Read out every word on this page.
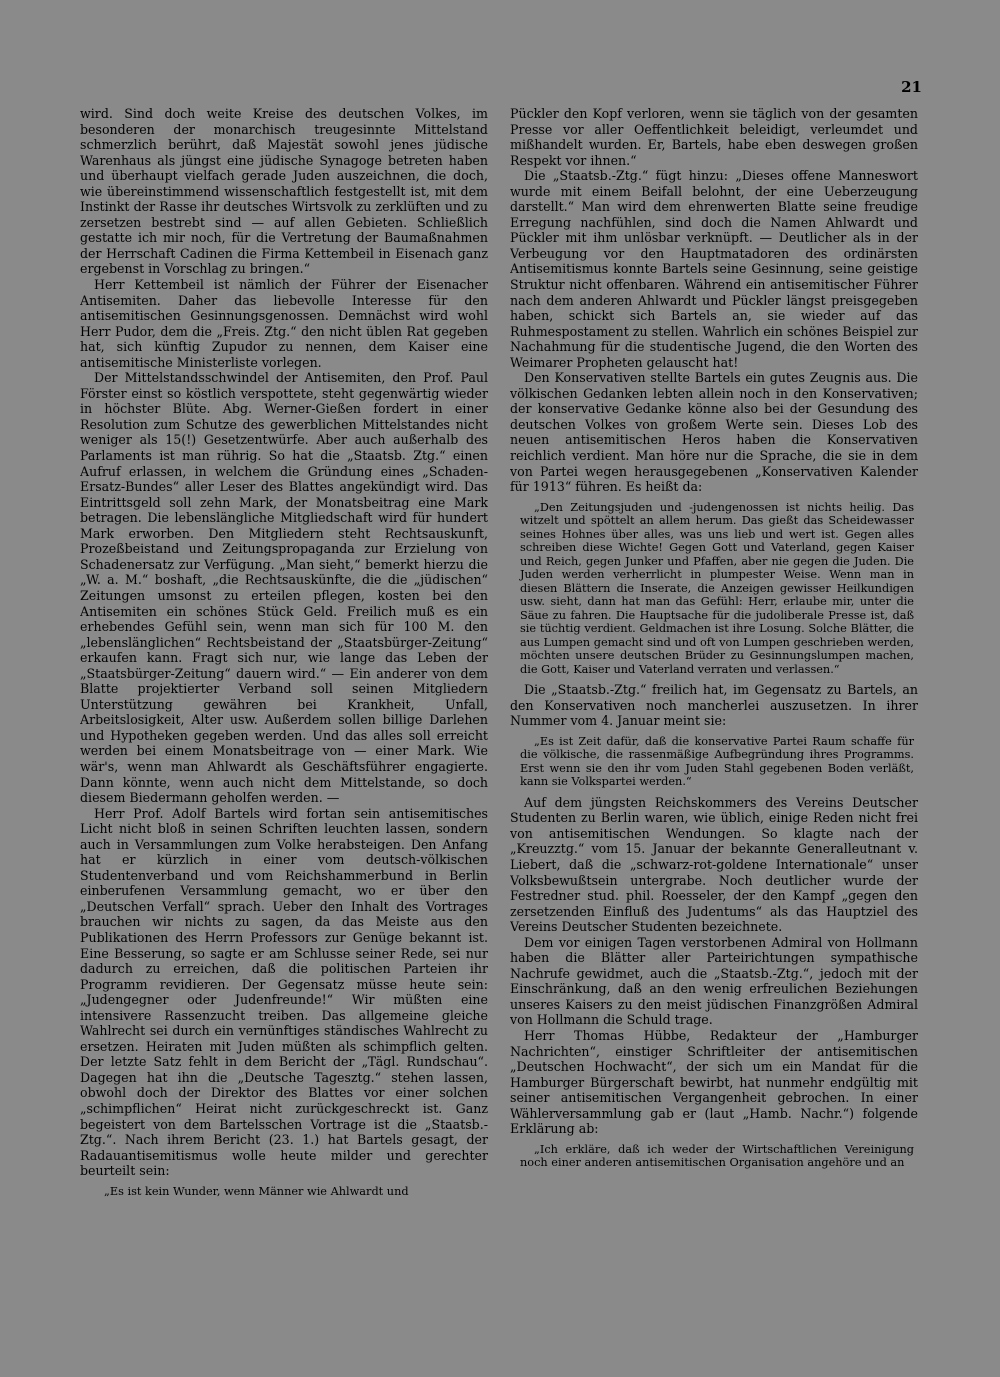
21

wird. Sind doch weite Kreise des deutschen Volkes, im besonderen der monarchisch treugesinnte Mittelstand schmerzlich berührt, daß Majestät sowohl jenes jüdische Warenhaus als jüngst eine jüdische Synagoge betreten haben und überhaupt vielfach gerade Juden auszeichnen, die doch, wie übereinstimmend wissenschaftlich festgestellt ist, mit dem Instinkt der Rasse ihr deutsches Wirtsvolk zu zerklüften und zu zersetzen bestrebt sind — auf allen Gebieten. Schließlich gestatte ich mir noch, für die Vertretung der Baumaßnahmen der Herrschaft Cadinen die Firma Kettembeil in Eisenach ganz ergebenst in Vorschlag zu bringen.“

Herr Kettembeil ist nämlich der Führer der Eisenacher Antisemiten. Daher das liebevolle Interesse für den antisemitischen Gesinnungsgenossen. Demnächst wird wohl Herr Pudor, dem die „Freis. Ztg.“ den nicht üblen Rat gegeben hat, sich künftig Zupudor zu nennen, dem Kaiser eine antisemitische Ministerliste vorlegen.

Der Mittelstandsschwindel der Antisemiten, den Prof. Paul Förster einst so köstlich verspottete, steht gegenwärtig wieder in höchster Blüte. Abg. Werner-Gießen fordert in einer Resolution zum Schutze des gewerblichen Mittelstandes nicht weniger als 15(!) Gesetzentwürfe. Aber auch außerhalb des Parlaments ist man rührig. So hat die „Staatsb. Ztg.“ einen Aufruf erlassen, in welchem die Gründung eines „Schaden-Ersatz-Bundes“ aller Leser des Blattes angekündigt wird. Das Eintrittsgeld soll zehn Mark, der Monatsbeitrag eine Mark betragen. Die lebenslängliche Mitgliedschaft wird für hundert Mark erworben. Den Mitgliedern steht Rechtsauskunft, Prozeßbeistand und Zeitungspropaganda zur Erzielung von Schadenersatz zur Verfügung. „Man sieht,“ bemerkt hierzu die „W. a. M.“ boshaft, „die Rechtsauskünfte, die die „jüdischen“ Zeitungen umsonst zu erteilen pflegen, kosten bei den Antisemiten ein schönes Stück Geld. Freilich muß es ein erhebendes Gefühl sein, wenn man sich für 100 M. den „lebenslänglichen“ Rechtsbeistand der „Staatsbürger-Zeitung“ erkaufen kann. Fragt sich nur, wie lange das Leben der „Staatsbürger-Zeitung“ dauern wird.“ — Ein anderer von dem Blatte projektierter Verband soll seinen Mitgliedern Unterstützung gewähren bei Krankheit, Unfall, Arbeitslosigkeit, Alter usw. Außerdem sollen billige Darlehen und Hypotheken gegeben werden. Und das alles soll erreicht werden bei einem Monatsbeitrage von — einer Mark. Wie wär's, wenn man Ahlwardt als Geschäftsführer engagierte. Dann könnte, wenn auch nicht dem Mittelstande, so doch diesem Biedermann geholfen werden. —

Herr Prof. Adolf Bartels wird fortan sein antisemitisches Licht nicht bloß in seinen Schriften leuchten lassen, sondern auch in Versammlungen zum Volke herabsteigen. Den Anfang hat er kürzlich in einer vom deutsch-völkischen Studentenverband und vom Reichshammerbund in Berlin einberufenen Versammlung gemacht, wo er über den „Deutschen Verfall“ sprach. Ueber den Inhalt des Vortrages brauchen wir nichts zu sagen, da das Meiste aus den Publikationen des Herrn Professors zur Genüge bekannt ist. Eine Besserung, so sagte er am Schlusse seiner Rede, sei nur dadurch zu erreichen, daß die politischen Parteien ihr Programm revidieren. Der Gegensatz müsse heute sein: „Judengegner oder Judenfreunde!“ Wir müßten eine intensivere Rassenzucht treiben. Das allgemeine gleiche Wahlrecht sei durch ein vernünftiges ständisches Wahlrecht zu ersetzen. Heiraten mit Juden müßten als schimpflich gelten. Der letzte Satz fehlt in dem Bericht der „Tägl. Rundschau“. Dagegen hat ihn die „Deutsche Tagesztg.“ stehen lassen, obwohl doch der Direktor des Blattes vor einer solchen „schimpflichen“ Heirat nicht zurückgeschreckt ist. Ganz begeistert von dem Bartelsschen Vortrage ist die „Staatsb.-Ztg.“. Nach ihrem Bericht (23. 1.) hat Bartels gesagt, der Radauantisemitismus wolle heute milder und gerechter beurteilt sein:

„Es ist kein Wunder, wenn Männer wie Ahlwardt und

Pückler den Kopf verloren, wenn sie täglich von der gesamten Presse vor aller Oeffentlichkeit beleidigt, verleumdet und mißhandelt wurden. Er, Bartels, habe eben deswegen großen Respekt vor ihnen.“

Die „Staatsb.-Ztg.“ fügt hinzu: „Dieses offene Manneswort wurde mit einem Beifall belohnt, der eine Ueberzeugung darstellt.“ Man wird dem ehrenwerten Blatte seine freudige Erregung nachfühlen, sind doch die Namen Ahlwardt und Pückler mit ihm unlösbar verknüpft. — Deutlicher als in der Verbeugung vor den Hauptmatadoren des ordinärsten Antisemitismus konnte Bartels seine Gesinnung, seine geistige Struktur nicht offenbaren. Während ein antisemitischer Führer nach dem anderen Ahlwardt und Pückler längst preisgegeben haben, schickt sich Bartels an, sie wieder auf das Ruhmespostament zu stellen. Wahrlich ein schönes Beispiel zur Nachahmung für die studentische Jugend, die den Worten des Weimarer Propheten gelauscht hat!

Den Konservativen stellte Bartels ein gutes Zeugnis aus. Die völkischen Gedanken lebten allein noch in den Konservativen; der konservative Gedanke könne also bei der Gesundung des deutschen Volkes von großem Werte sein. Dieses Lob des neuen antisemitischen Heros haben die Konservativen reichlich verdient. Man höre nur die Sprache, die sie in dem von Partei wegen herausgegebenen „Konservativen Kalender für 1913“ führen. Es heißt da:

„Den Zeitungsjuden und -judengenossen ist nichts heilig. Das witzelt und spöttelt an allem herum. Das gießt das Scheidewasser seines Hohnes über alles, was uns lieb und wert ist. Gegen alles schreiben diese Wichte! Gegen Gott und Vaterland, gegen Kaiser und Reich, gegen Junker und Pfaffen, aber nie gegen die Juden. Die Juden werden verherrlicht in plumpester Weise. Wenn man in diesen Blättern die Inserate, die Anzeigen gewisser Heilkundigen usw. sieht, dann hat man das Gefühl: Herr, erlaube mir, unter die Säue zu fahren. Die Hauptsache für die judoliberale Presse ist, daß sie tüchtig verdient. Geldmachen ist ihre Losung. Solche Blätter, die aus Lumpen gemacht sind und oft von Lumpen geschrieben werden, möchten unsere deutschen Brüder zu Gesinnungslumpen machen, die Gott, Kaiser und Vaterland verraten und verlassen.“

Die „Staatsb.-Ztg.“ freilich hat, im Gegensatz zu Bartels, an den Konservativen noch mancherlei auszusetzen. In ihrer Nummer vom 4. Januar meint sie:

„Es ist Zeit dafür, daß die konservative Partei Raum schaffe für die völkische, die rassenmäßige Aufbegründung ihres Programms. Erst wenn sie den ihr vom Juden Stahl gegebenen Boden verläßt, kann sie Volkspartei werden.“

Auf dem jüngsten Reichskommers des Vereins Deutscher Studenten zu Berlin waren, wie üblich, einige Reden nicht frei von antisemitischen Wendungen. So klagte nach der „Kreuzztg.“ vom 15. Januar der bekannte Generalleutnant v. Liebert, daß die „schwarz-rot-goldene Internationale“ unser Volksbewußtsein untergrabe. Noch deutlicher wurde der Festredner stud. phil. Roesseler, der den Kampf „gegen den zersetzenden Einfluß des Judentums“ als das Hauptziel des Vereins Deutscher Studenten bezeichnete.

Dem vor einigen Tagen verstorbenen Admiral von Hollmann haben die Blätter aller Parteirichtungen sympathische Nachrufe gewidmet, auch die „Staatsb.-Ztg.“, jedoch mit der Einschränkung, daß an den wenig erfreulichen Beziehungen unseres Kaisers zu den meist jüdischen Finanzgrößen Admiral von Hollmann die Schuld trage.

Herr Thomas Hübbe, Redakteur der „Hamburger Nachrichten“, einstiger Schriftleiter der antisemitischen „Deutschen Hochwacht“, der sich um ein Mandat für die Hamburger Bürgerschaft bewirbt, hat nunmehr endgültig mit seiner antisemitischen Vergangenheit gebrochen. In einer Wählerversammlung gab er (laut „Hamb. Nachr.“) folgende Erklärung ab:

„Ich erkläre, daß ich weder der Wirtschaftlichen Vereinigung noch einer anderen antisemitischen Organisation angehöre und an
